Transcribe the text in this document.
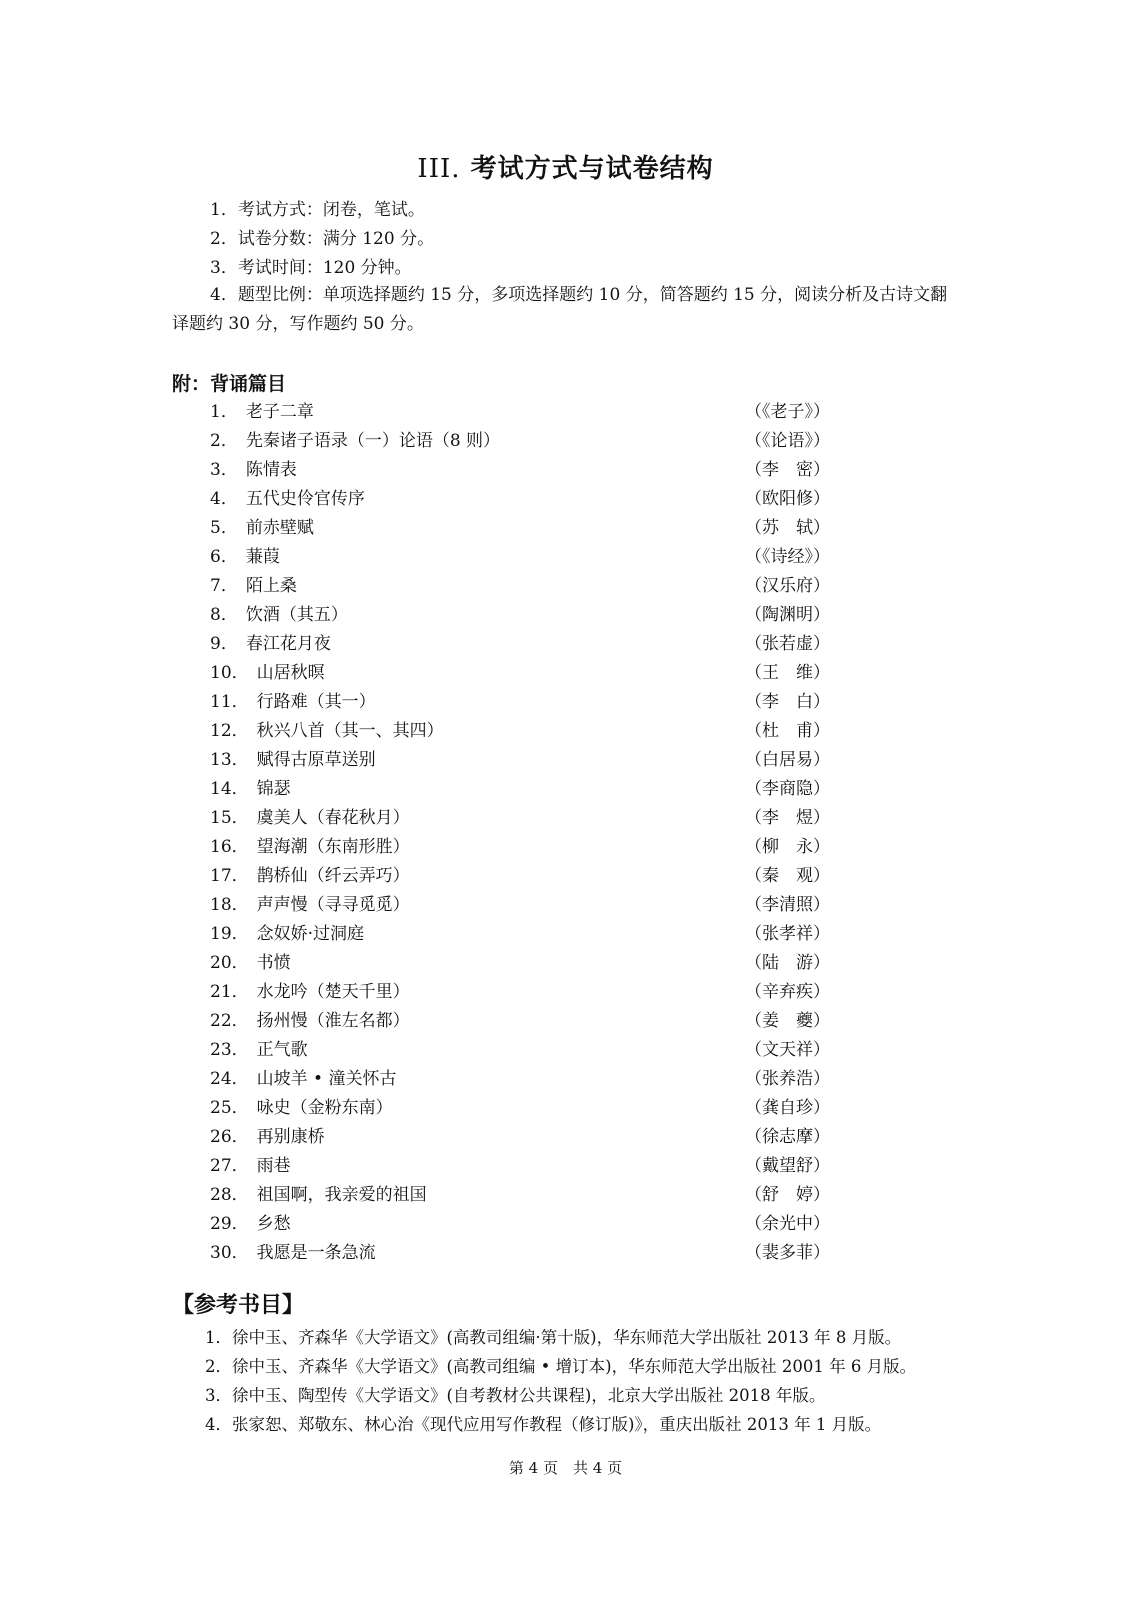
III. 考试方式与试卷结构
1．考试方式：闭卷，笔试。
2．试卷分数：满分 120 分。
3．考试时间：120 分钟。
4．题型比例：单项选择题约 15 分，多项选择题约 10 分，简答题约 15 分，阅读分析及古诗文翻译题约 30 分，写作题约 50 分。
附：背诵篇目
1． 老子二章	（《老子》）
2． 先秦诸子语录（一）论语（8 则）	（《论语》）
3． 陈情表	（李　密）
4． 五代史伶官传序	（欧阳修）
5． 前赤壁赋	（苏　轼）
6． 蒹葭	（《诗经》）
7． 陌上桑	（汉乐府）
8． 饮酒（其五）	（陶渊明）
9． 春江花月夜	（张若虚）
10． 山居秋暝	（王　维）
11． 行路难（其一）	（李　白）
12． 秋兴八首（其一、其四）	（杜　甫）
13． 赋得古原草送别	（白居易）
14． 锦瑟	（李商隐）
15． 虞美人（春花秋月）	（李　煜）
16． 望海潮（东南形胜）	（柳　永）
17． 鹊桥仙（纤云弄巧）	（秦　观）
18． 声声慢（寻寻觅觅）	（李清照）
19． 念奴娇·过洞庭	（张孝祥）
20． 书愤	（陆　游）
21． 水龙吟（楚天千里）	（辛弃疾）
22． 扬州慢（淮左名都）	（姜　夔）
23． 正气歌	（文天祥）
24． 山坡羊 • 潼关怀古	（张养浩）
25． 咏史（金粉东南）	（龚自珍）
26． 再别康桥	（徐志摩）
27． 雨巷	（戴望舒）
28． 祖国啊，我亲爱的祖国	（舒　婷）
29． 乡愁	（余光中）
30． 我愿是一条急流	（裴多菲）
【参考书目】
1．徐中玉、齐森华《大学语文》(高教司组编·第十版)，华东师范大学出版社 2013 年 8 月版。
2．徐中玉、齐森华《大学语文》(高教司组编 • 增订本)，华东师范大学出版社 2001 年 6 月版。
3．徐中玉、陶型传《大学语文》(自考教材公共课程)，北京大学出版社 2018 年版。
4．张家恕、郑敬东、林心治《现代应用写作教程（修订版)》，重庆出版社 2013 年 1 月版。
第 4 页　共 4 页
